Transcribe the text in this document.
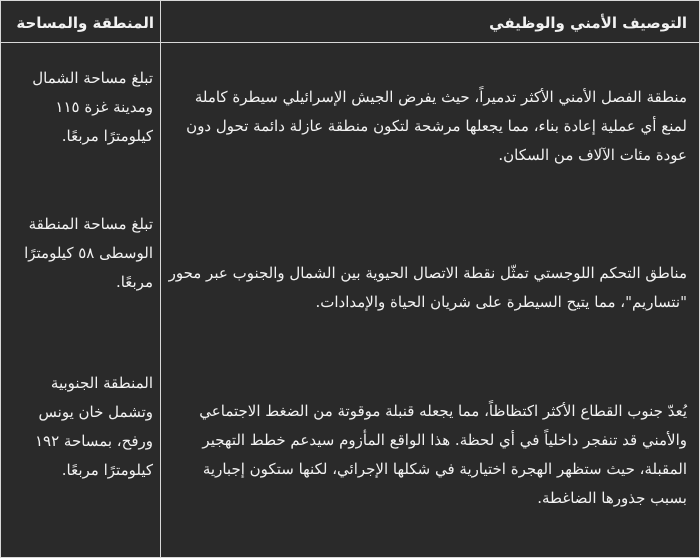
التوصيف الأمني والوظيفي
المنطقة والمساحة
منطقة الفصل الأمني الأكثر تدميراً، حيث يفرض الجيش الإسرائيلي سيطرة كاملة لمنع أي عملية إعادة بناء، مما يجعلها مرشحة لتكون منطقة عازلة دائمة تحول دون عودة مئات الآلاف من السكان.
تبلغ مساحة الشمال ومدينة غزة ١١٥ كيلومترًا مربعًا.
مناطق التحكم اللوجستي تمثّل نقطة الاتصال الحيوية بين الشمال والجنوب عبر محور "نتساريم"، مما يتيح السيطرة على شريان الحياة والإمدادات.
تبلغ مساحة المنطقة الوسطى ٥٨ كيلومترًا مربعًا.
يُعدّ جنوب القطاع الأكثر اكتظاظاً، مما يجعله قنبلة موقوتة من الضغط الاجتماعي والأمني قد تنفجر داخلياً في أي لحظة. هذا الواقع المأزوم سيدعم خطط التهجير المقبلة، حيث ستظهر الهجرة اختيارية في شكلها الإجرائي، لكنها ستكون إجبارية بسبب جذورها الضاغطة.
المنطقة الجنوبية وتشمل خان يونس ورفح، بمساحة ١٩٢ كيلومترًا مربعًا.
